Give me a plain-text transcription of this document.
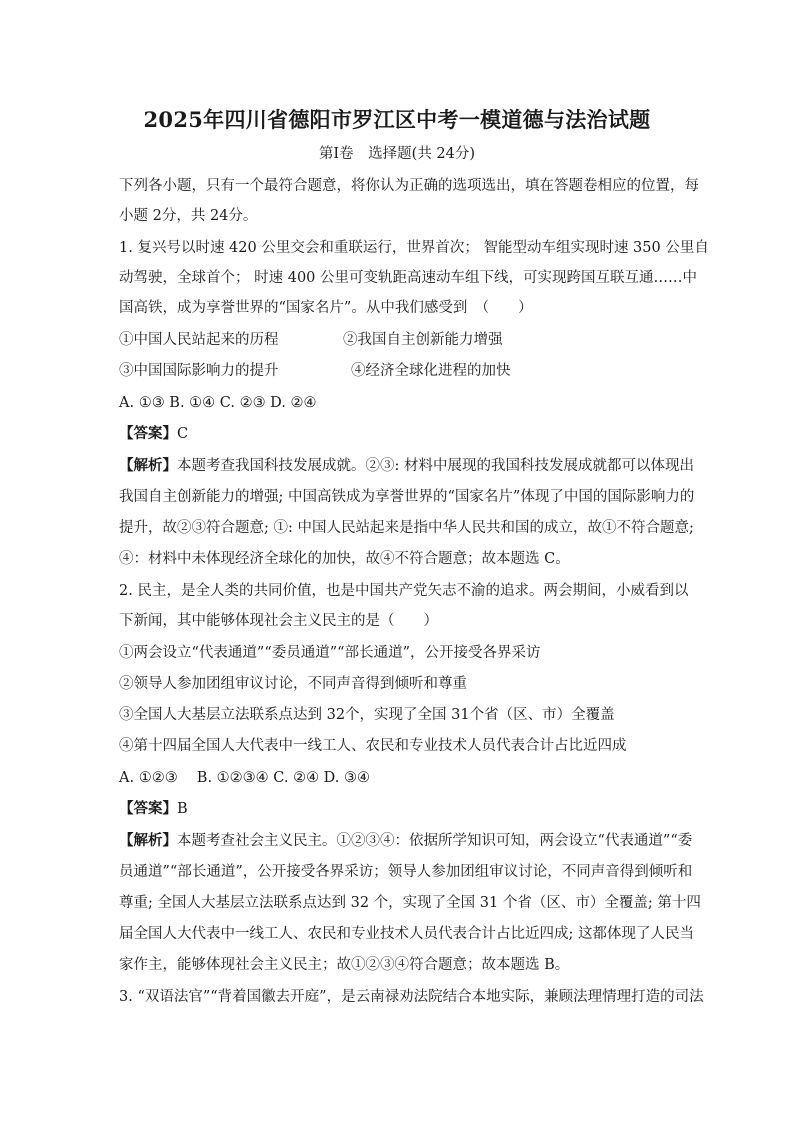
2025年四川省德阳市罗江区中考一模道德与法治试题
第Ⅰ卷　选择题(共 24分)
下列各小题，只有一个最符合题意，将你认为正确的选项选出，填在答题卷相应的位置，每
小题 2分，共 24分。
1. 复兴号以时速 420 公里交会和重联运行，世界首次； 智能型动车组实现时速 350 公里自
动驾驶，全球首个； 时速 400 公里可变轨距高速动车组下线，可实现跨国互联互通……中
国高铁，成为享誉世界的“国家名片”。从中我们感受到　（　　）
①中国人民站起来的历程	②我国自主创新能力增强
③中国国际影响力的提升	④经济全球化进程的加快
A. ①③ B. ①④ C. ②③ D. ②④
【答案】C
【解析】本题考查我国科技发展成就。②③: 材料中展现的我国科技发展成就都可以体现出
我国自主创新能力的增强; 中国高铁成为享誉世界的“国家名片”体现了中国的国际影响力的
提升，故②③符合题意; ①: 中国人民站起来是指中华人民共和国的成立，故①不符合题意;
④：材料中未体现经济全球化的加快，故④不符合题意；故本题选 C。
2. 民主，是全人类的共同价值，也是中国共产党矢志不渝的追求。两会期间，小威看到以
下新闻，其中能够体现社会主义民主的是（　　）
①两会设立“代表通道”“委员通道”“部长通道”，公开接受各界采访
②领导人参加团组审议讨论，不同声音得到倾听和尊重
③全国人大基层立法联系点达到 32个，实现了全国 31个省（区、市）全覆盖
④第十四届全国人大代表中一线工人、农民和专业技术人员代表合计占比近四成
A. ①②③　 B. ①②③④ C. ②④ D. ③④
【答案】B
【解析】本题考查社会主义民主。①②③④：依据所学知识可知，两会设立“代表通道”“委
员通道”“部长通道”，公开接受各界采访；领导人参加团组审议讨论，不同声音得到倾听和
尊重; 全国人大基层立法联系点达到 32 个，实现了全国 31 个省（区、市）全覆盖; 第十四
届全国人大代表中一线工人、农民和专业技术人员代表合计占比近四成; 这都体现了人民当
家作主，能够体现社会主义民主；故①②③④符合题意；故本题选 B。
3. “双语法官”“背着国徽去开庭”，是云南禄劝法院结合本地实际，兼顾法理情理打造的司法
